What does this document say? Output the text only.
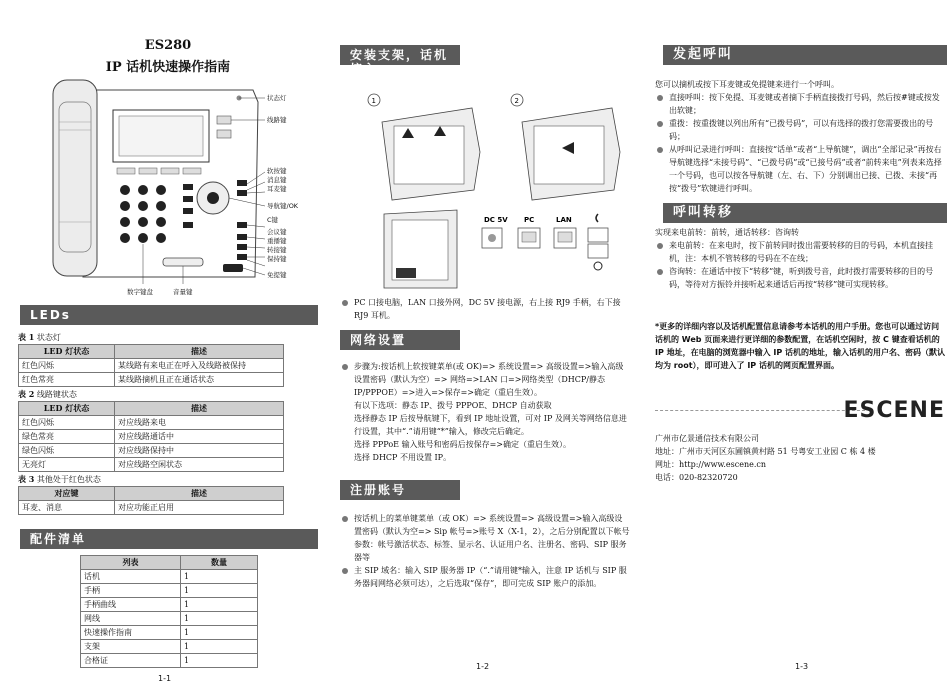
ES280
IP 话机快速操作指南
状态灯
线路键
软按键
消息键
耳麦键
导航键/OK
C键
会议键
重播键
转接键
保持键
免提键
数字键盘	音量键
LEDs
表 1 状态灯
LED 灯状态	描述
红色闪烁	某线路有来电正在呼入及线路被保持
红色常亮	某线路摘机且正在通话状态
表 2 线路键状态
LED 灯状态	描述
红色闪烁	对应线路来电
绿色常亮	对应线路通话中
绿色闪烁	对应线路保持中
无亮灯	对应线路空闲状态
表 3 其他处于红色状态
对应键	描述
耳麦、消息	对应功能正启用
配件清单
列表	数量
话机	1
手柄	1
手柄曲线	1
网线	1
快速操作指南	1
支架	1
合格证	1
1-1
安装支架，话机接入
1	2
DC 5V PC	LAN
PC 口接电脑，LAN 口接外网，DC 5V 接电源，右上接 RJ9 手柄，右下接 RJ9 耳机。
网络设置
步骤为:按话机上软按键菜单(或 OK)=> 系统设置=> 高级设置=>输入高级设置密码（默认为空）=> 网络=>LAN 口=>网络类型（DHCP/静态 IP/PPPOE）=>进入=>保存=>确定（重启生效）。
有以下选项：静态 IP、拨号 PPPOE、DHCP 自动获取
选择静态 IP 后按导航键下，看到 IP 地址设置，可对 IP 及网关等网络信息进行设置，其中“.”请用键“*”输入，修改完后确定。
选择 PPPoE 输入账号和密码后按保存=>确定（重启生效）。
选择 DHCP 不用设置 IP。
注册账号
按话机上的菜单键菜单（或 OK）=> 系统设置=> 高级设置=>输入高级设置密码（默认为空=> Sip 帐号=>账号 X（X-1，2），之后分别配置以下帐号参数：帐号激活状态、标签、显示名、认证用户名、注册名、密码、SIP 服务器等
主 SIP 域名：输入 SIP 服务器 IP（“.”请用键*输入，注意 IP 话机与 SIP 服务器间网络必须可达），之后选取“保存”，即可完成 SIP 账户的添加。
1-2
发起呼叫
您可以摘机或按下耳麦键或免提键来进行一个呼叫。
直接呼叫：按下免提、耳麦键或者摘下手柄直接拨打号码，然后按#键或按发出软键；
重拨：按重拨键以列出所有“已拨号码”，可以有选择的拨打您需要拨出的号码；
从呼叫记录进行呼叫：直接按“话单”或者“上导航键”，调出“全部记录”再按右导航键选择“未接号码”、“已拨号码”或“已接号码”或者“前转来电”列表来选择一个号码，也可以按各导航键（左、右、下）分别调出已接、已拨、未接“再按“拨号”软键进行呼叫。
呼叫转移
实现来电前转：前转，通话转移：咨询转
来电前转：在来电时，按下前转同时拨出需要转移的目的号码，本机直接挂机，注：本机不管转移的号码在不在线；
咨询转：在通话中按下“转移”键，听到拨号音，此时拨打需要转移的目的号码，等待对方振铃并接听起来通话后再按“转移”键可实现转移。
*更多的详细内容以及话机配置信息请参考本话机的用户手册。您也可以通过访问话机的 Web 页面来进行更详细的参数配置，在话机空闲时，按 C 键查看话机的 IP 地址，在电脑的浏览器中输入 IP 话机的地址，输入话机的用户名、密码（默认均为 root），即可进入了 IP 话机的网页配置界面。
ESCENE
广州市亿景通信技术有限公司
地址：广州市天河区东圃镇黄村路 51 号粤安工业园 C 栋 4 楼
网址：http://www.escene.cn
电话：020-82320720
1-3
